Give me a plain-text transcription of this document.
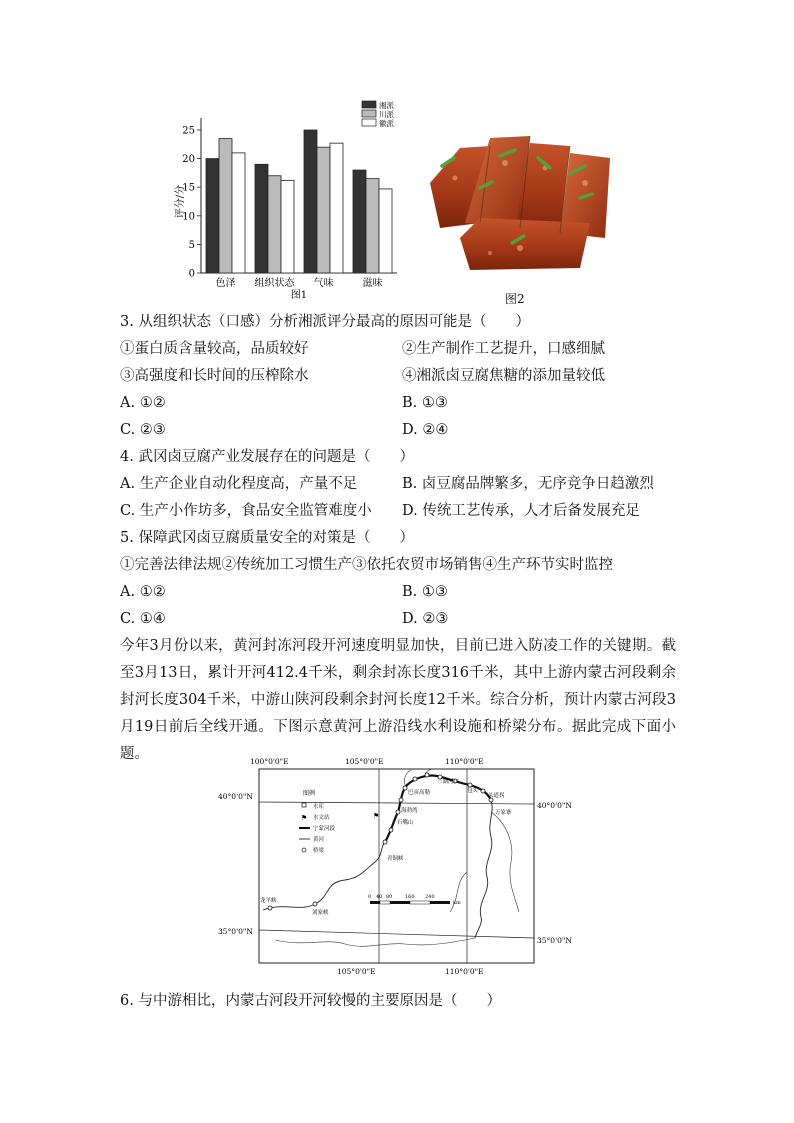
0
5
10
15
20
25
评分/分
色泽 组织状态 气味	滋味
图1
湘派
川派
徽派
图2
3. 从组织状态（口感）分析湘派评分最高的原因可能是（　　）
①蛋白质含量较高，品质较好	②生产制作工艺提升，口感细腻
③高强度和长时间的压榨除水	④湘派卤豆腐焦糖的添加量较低
A. ①②	B. ①③
C. ②③	D. ②④
4. 武冈卤豆腐产业发展存在的问题是（　　）
A. 生产企业自动化程度高，产量不足	B. 卤豆腐品牌繁多，无序竞争日趋激烈
C. 生产小作坊多，食品安全监管难度小 D. 传统工艺传承，人才后备发展充足
5. 保障武冈卤豆腐质量安全的对策是（　　）
①完善法律法规②传统加工习惯生产③依托农贸市场销售④生产环节实时监控
A. ①②	B. ①③
C. ①④	D. ②③
今年3月份以来，黄河封冻河段开河速度明显加快，目前已进入防凌工作的关键期。截至3月13日，累计开河412.4千米，剩余封冻长度316千米，其中上游内蒙古河段剩余封河长度304千米，中游山陕河段剩余封河长度12千米。综合分析，预计内蒙古河段3月19日前后全线开通。下图示意黄河上游沿线水利设施和桥梁分布。据此完成下面小题。	100°0'0"E	105°0'0"E	110°0'0"E
105°0'0"E	110°0'0"E
40°0'0"N
40°0'0"N
35°0'0"N
35°0'0"N
三湖河口
包头
头道拐
巴彦高勒
万家寨
海勃湾
石嘴山
青铜峡
龙羊峡
刘家峡
图例
水库
⚑ 水文站
宁蒙河段
黄河
桥梁
⚑
0 40 80	160 240
km
6. 与中游相比，内蒙古河段开河较慢的主要原因是（　　）
